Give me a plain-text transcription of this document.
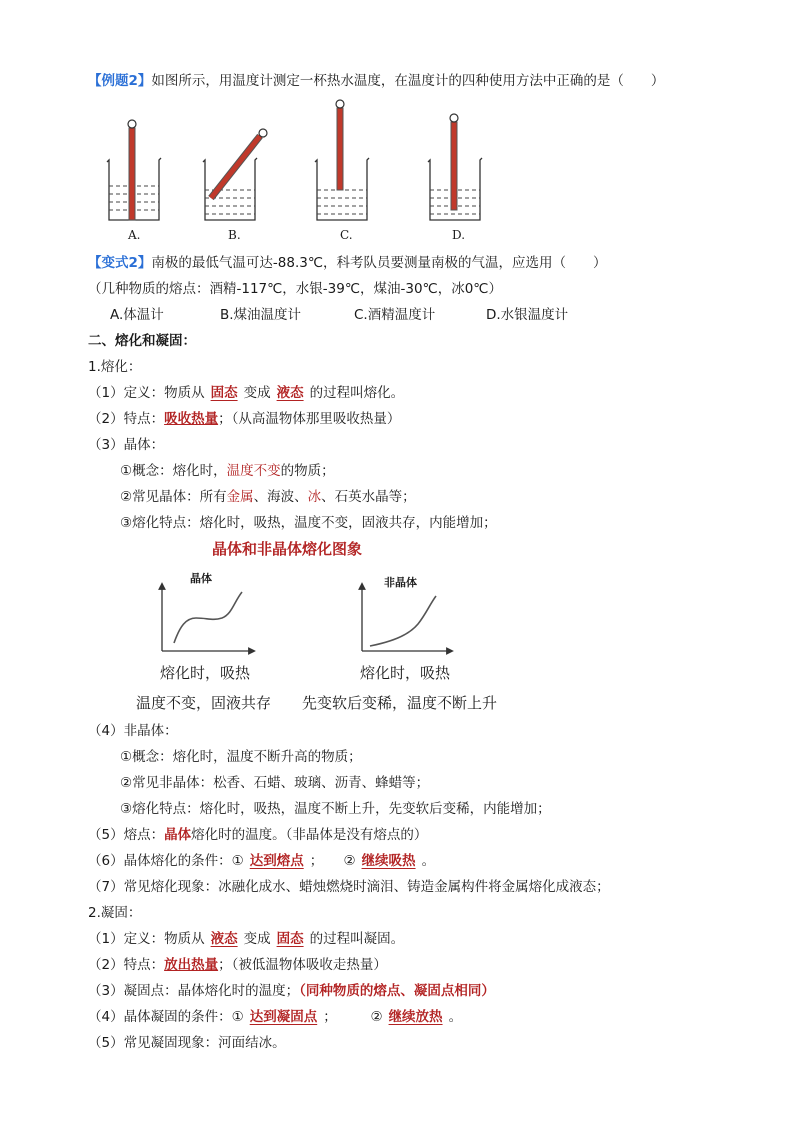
【例题2】如图所示，用温度计测定一杯热水温度，在温度计的四种使用方法中正确的是（　　）
A.	B.	C.	D.
【变式2】南极的最低气温可达-88.3℃，科考队员要测量南极的气温，应选用（　　）
（几种物质的熔点：酒精-117℃，水银-39℃，煤油-30℃，冰0℃）
A.体温计	B.煤油温度计	C.酒精温度计	D.水银温度计
二、熔化和凝固：
1.熔化：
（1）定义：物质从 固态 变成 液态 的过程叫熔化。
（2）特点：吸收热量；（从高温物体那里吸收热量）
（3）晶体：
①概念：熔化时，温度不变的物质；
②常见晶体：所有金属、海波、冰、石英水晶等；
③熔化特点：熔化时，吸热，温度不变，固液共存，内能增加；
晶体和非晶体熔化图象
晶体	非晶体
熔化时，吸热	熔化时，吸热
温度不变，固液共存 先变软后变稀，温度不断上升
（4）非晶体：
①概念：熔化时，温度不断升高的物质；
②常见非晶体：松香、石蜡、玻璃、沥青、蜂蜡等；
③熔化特点：熔化时，吸热，温度不断上升，先变软后变稀，内能增加；
（5）熔点：晶体熔化时的温度。（非晶体是没有熔点的）
（6）晶体熔化的条件：① 达到熔点 ；　　② 继续吸热 。
（7）常见熔化现象：冰融化成水、蜡烛燃烧时滴泪、铸造金属构件将金属熔化成液态；
2.凝固：
（1）定义：物质从 液态 变成 固态 的过程叫凝固。
（2）特点：放出热量；（被低温物体吸收走热量）
（3）凝固点：晶体熔化时的温度；（同种物质的熔点、凝固点相同）
（4）晶体凝固的条件：① 达到凝固点 ；　　　② 继续放热 。
（5）常见凝固现象：河面结冰。
